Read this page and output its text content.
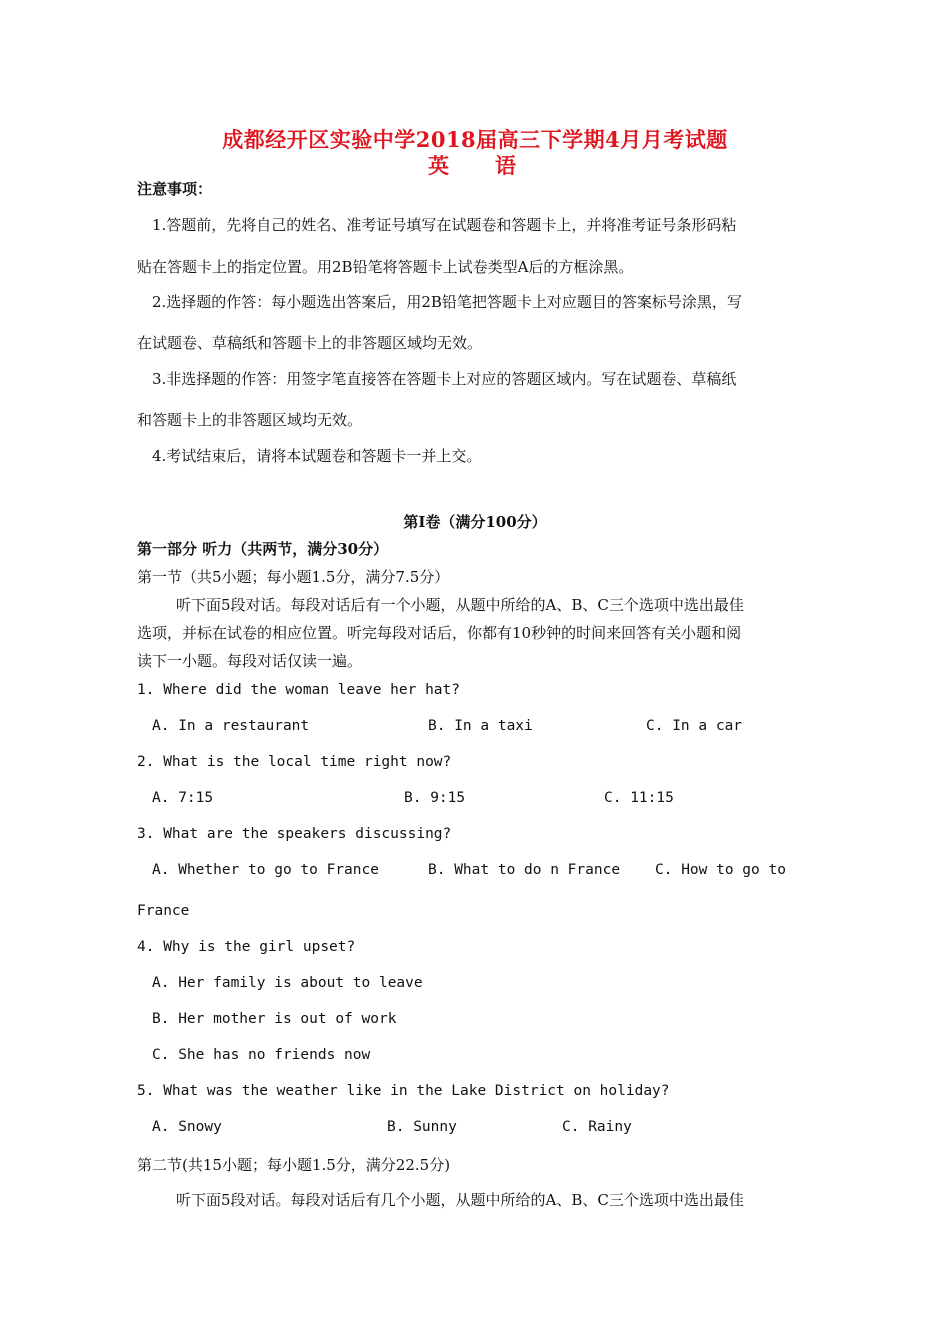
成都经开区实验中学2018届高三下学期4月月考试题
英 语
注意事项：
1.答题前，先将自己的姓名、准考证号填写在试题卷和答题卡上，并将准考证号条形码粘
贴在答题卡上的指定位置。用2B铅笔将答题卡上试卷类型A后的方框涂黑。
2.选择题的作答：每小题选出答案后，用2B铅笔把答题卡上对应题目的答案标号涂黑，写
在试题卷、草稿纸和答题卡上的非答题区域均无效。
3.非选择题的作答：用签字笔直接答在答题卡上对应的答题区域内。写在试题卷、草稿纸
和答题卡上的非答题区域均无效。
4.考试结束后，请将本试题卷和答题卡一并上交。
第Ⅰ卷（满分100分）
第一部分 听力（共两节，满分30分）
第一节（共5小题；每小题1.5分，满分7.5分）
听下面5段对话。每段对话后有一个小题，从题中所给的A、B、C三个选项中选出最佳
选项，并标在试卷的相应位置。听完每段对话后，你都有10秒钟的时间来回答有关小题和阅
读下一小题。每段对话仅读一遍。
1. Where did the woman leave her hat?
A. In a restaurant	B. In a taxi	C. In a car
2. What is the local time right now?
A. 7:15	B. 9:15	C. 11:15
3. What are the speakers discussing?
A. Whether to go to France	B. What to do n France C. How to go to
France
4. Why is the girl upset?
A. Her family is about to leave
B. Her mother is out of work
C. She has no friends now
5. What was the weather like in the Lake District on holiday?
A. Snowy	B. Sunny	C. Rainy
第二节(共15小题；每小题1.5分，满分22.5分)
听下面5段对话。每段对话后有几个小题，从题中所给的A、B、C三个选项中选出最佳
